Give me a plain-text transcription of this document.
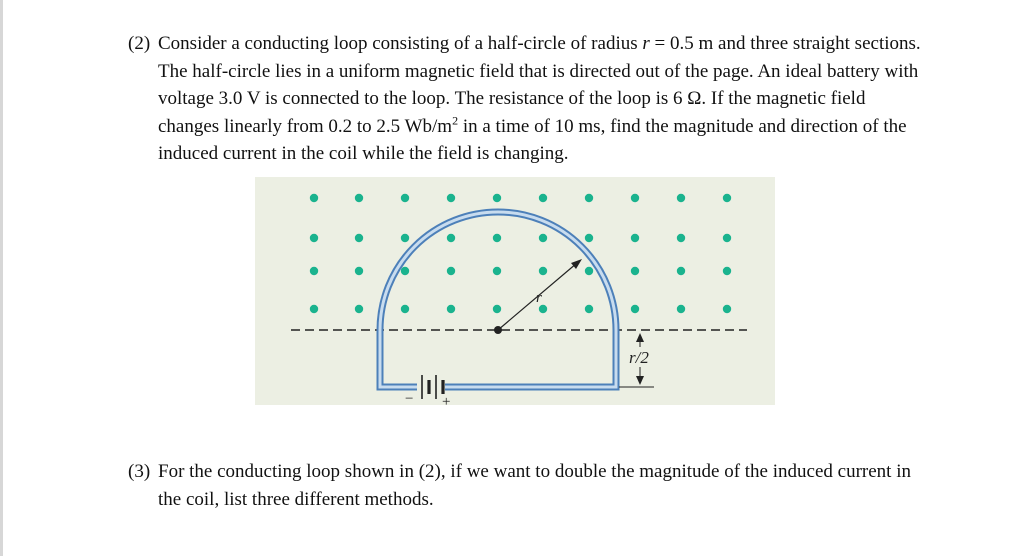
(2) Consider a conducting loop consisting of a half-circle of radius r = 0.5 m and three straight sections. The half-circle lies in a uniform magnetic field that is directed out of the page. An ideal battery with voltage 3.0 V is connected to the loop. The resistance of the loop is 6 Ω. If the magnetic field changes linearly from 0.2 to 2.5 $Wb/m^2$ in a time of 10 ms, find the magnitude and direction of the induced current in the coil while the field is changing.
− +
r
r/2
(3) For the conducting loop shown in (2), if we want to double the magnitude of the induced current in the coil, list three different methods.
